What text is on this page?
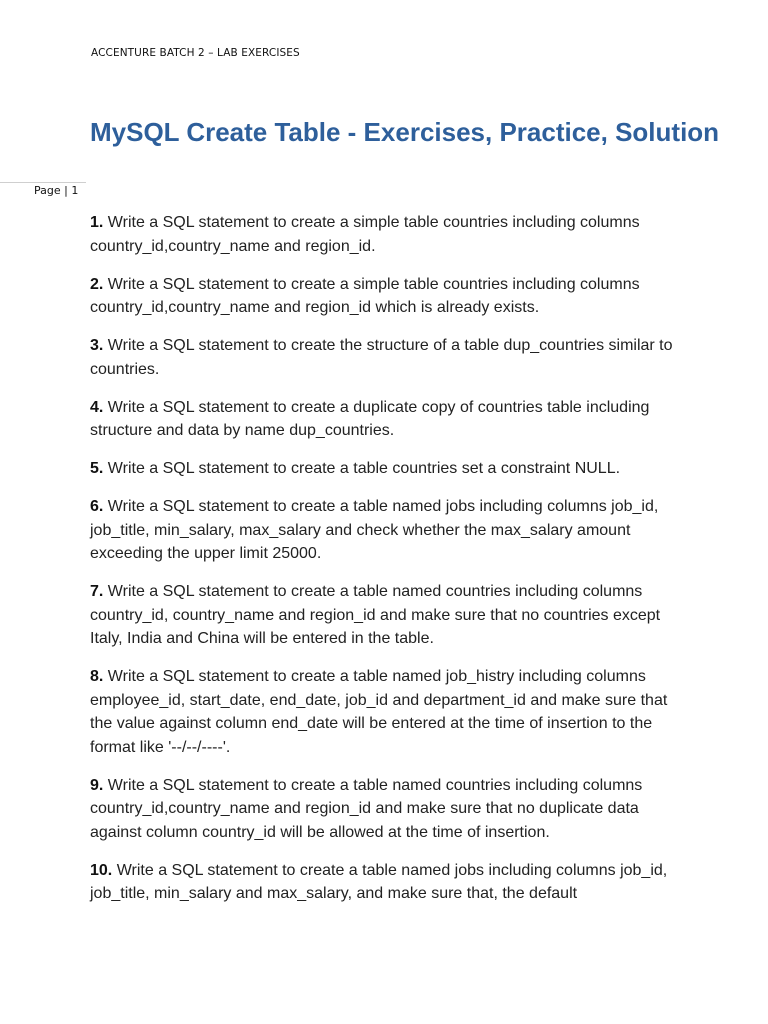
ACCENTURE BATCH 2 – LAB EXERCISES
MySQL Create Table - Exercises, Practice, Solution
Page | 1
1. Write a SQL statement to create a simple table countries including columns country_id,country_name and region_id.
2. Write a SQL statement to create a simple table countries including columns country_id,country_name and region_id which is already exists.
3. Write a SQL statement to create the structure of a table dup_countries similar to countries.
4. Write a SQL statement to create a duplicate copy of countries table including structure and data by name dup_countries.
5. Write a SQL statement to create a table countries set a constraint NULL.
6. Write a SQL statement to create a table named jobs including columns job_id, job_title, min_salary, max_salary and check whether the max_salary amount exceeding the upper limit 25000.
7. Write a SQL statement to create a table named countries including columns country_id, country_name and region_id and make sure that no countries except Italy, India and China will be entered in the table.
8. Write a SQL statement to create a table named job_histry including columns employee_id, start_date, end_date, job_id and department_id and make sure that the value against column end_date will be entered at the time of insertion to the format like '--/--/----'.
9. Write a SQL statement to create a table named countries including columns country_id,country_name and region_id and make sure that no duplicate data against column country_id will be allowed at the time of insertion.
10. Write a SQL statement to create a table named jobs including columns job_id, job_title, min_salary and max_salary, and make sure that, the default
